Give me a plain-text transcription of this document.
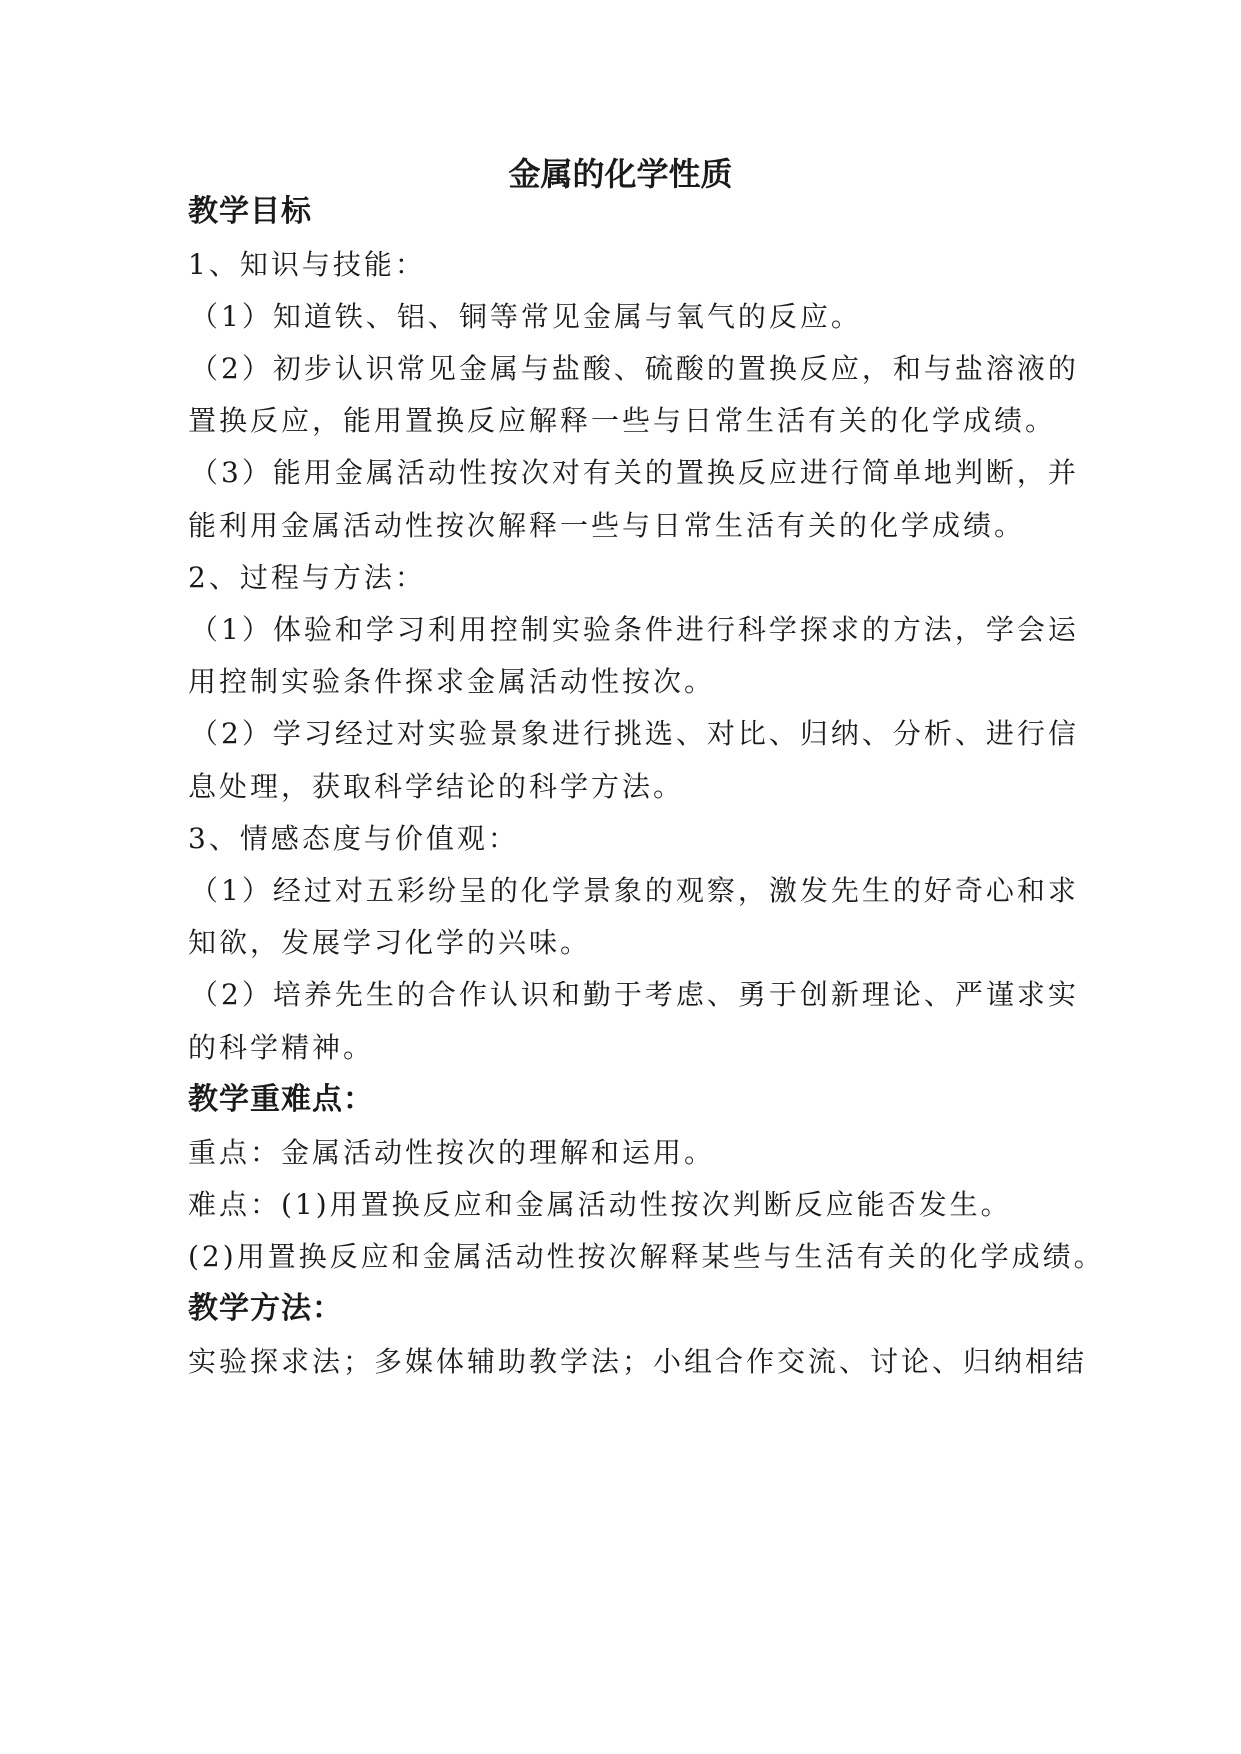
金属的化学性质
教学目标
1、知识与技能：
（1）知道铁、铝、铜等常见金属与氧气的反应。
（2）初步认识常见金属与盐酸、硫酸的置换反应，和与盐溶液的
置换反应，能用置换反应解释一些与日常生活有关的化学成绩。
（3）能用金属活动性按次对有关的置换反应进行简单地判断，并
能利用金属活动性按次解释一些与日常生活有关的化学成绩。
2、过程与方法：
（1）体验和学习利用控制实验条件进行科学探求的方法，学会运
用控制实验条件探求金属活动性按次。
（2）学习经过对实验景象进行挑选、对比、归纳、分析、进行信
息处理，获取科学结论的科学方法。
3、情感态度与价值观：
（1）经过对五彩纷呈的化学景象的观察，激发先生的好奇心和求
知欲，发展学习化学的兴味。
（2）培养先生的合作认识和勤于考虑、勇于创新理论、严谨求实
的科学精神。
教学重难点：
重点：金属活动性按次的理解和运用。
难点：(1)用置换反应和金属活动性按次判断反应能否发生。
(2)用置换反应和金属活动性按次解释某些与生活有关的化学成绩。
教学方法：
实验探求法；多媒体辅助教学法；小组合作交流、讨论、归纳相结
